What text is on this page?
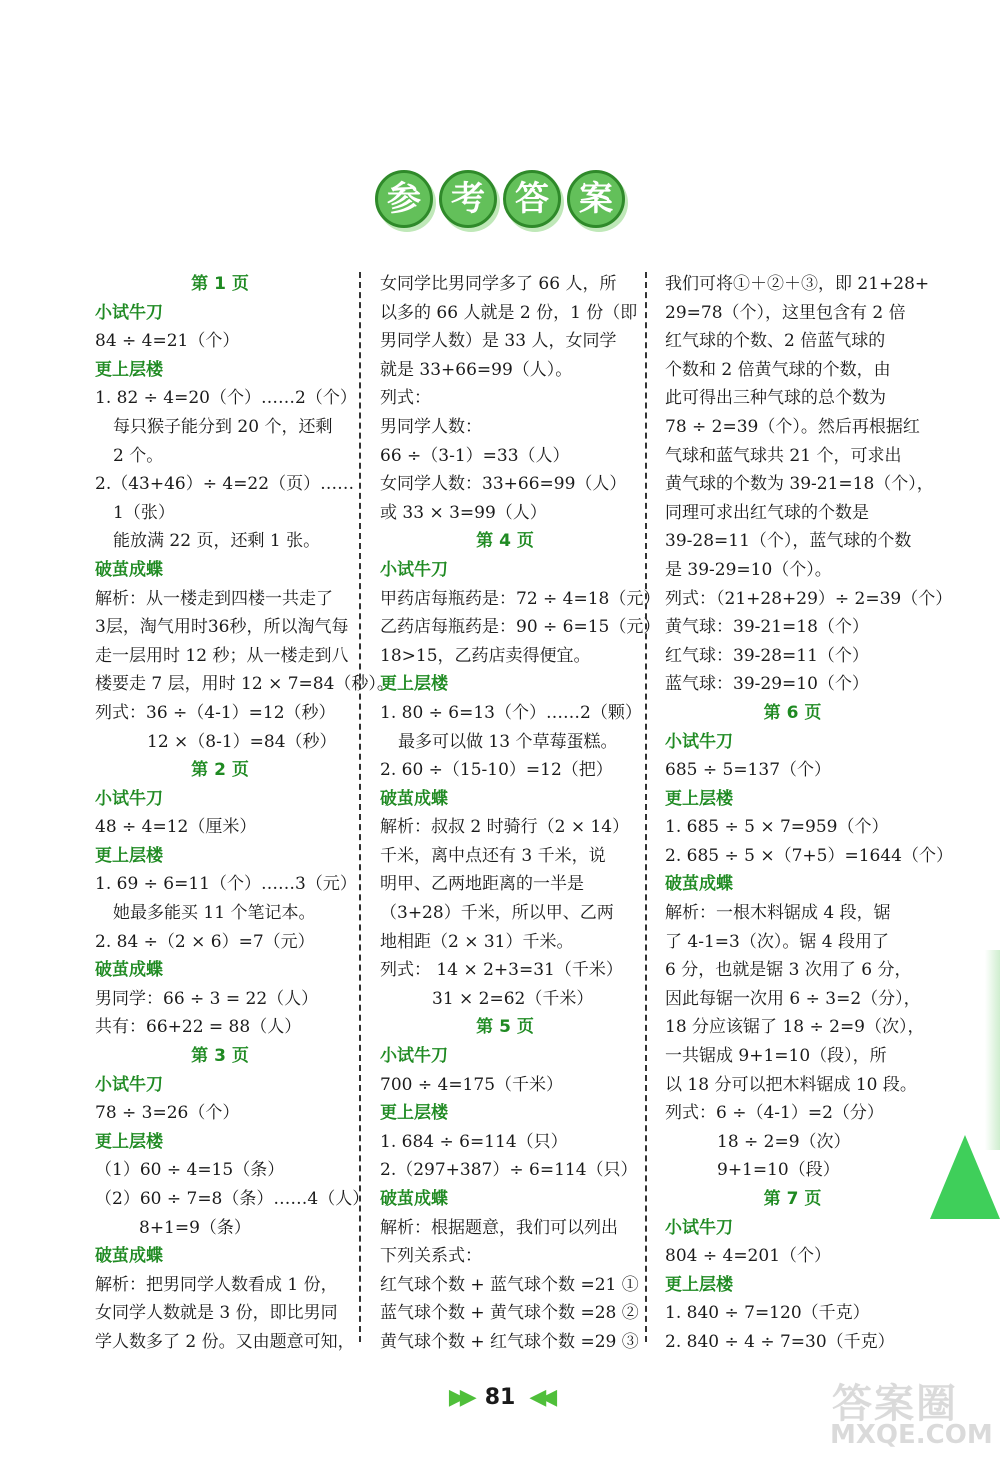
参 考 答 案
第 1 页
小试牛刀
84 ÷ 4=21（个）
更上层楼
1. 82 ÷ 4=20（个）……2（个）
每只猴子能分到 20 个，还剩
2 个。
2.（43+46）÷ 4=22（页）……
1（张）
能放满 22 页，还剩 1 张。
破茧成蝶
解析：从一楼走到四楼一共走了
3层，淘气用时36秒，所以淘气每
走一层用时 12 秒；从一楼走到八
楼要走 7 层，用时 12 × 7=84（秒）。
列式：36 ÷（4-1）=12（秒）
12 ×（8-1）=84（秒）
第 2 页
小试牛刀
48 ÷ 4=12（厘米）
更上层楼
1. 69 ÷ 6=11（个）……3（元）
她最多能买 11 个笔记本。
2. 84 ÷（2 × 6）=7（元）
破茧成蝶
男同学：66 ÷ 3 = 22（人）
共有：66+22 = 88（人）
第 3 页
小试牛刀
78 ÷ 3=26（个）
更上层楼
（1）60 ÷ 4=15（条）
（2）60 ÷ 7=8（条）……4（人）
8+1=9（条）
破茧成蝶
解析：把男同学人数看成 1 份，
女同学人数就是 3 份，即比男同
学人数多了 2 份。又由题意可知，
女同学比男同学多了 66 人，所
以多的 66 人就是 2 份，1 份（即
男同学人数）是 33 人，女同学
就是 33+66=99（人）。
列式：
男同学人数：
66 ÷（3-1）=33（人）
女同学人数：33+66=99（人）
或 33 × 3=99（人）
第 4 页
小试牛刀
甲药店每瓶药是：72 ÷ 4=18（元）
乙药店每瓶药是：90 ÷ 6=15（元）
18>15，乙药店卖得便宜。
更上层楼
1. 80 ÷ 6=13（个）……2（颗）
最多可以做 13 个草莓蛋糕。
2. 60 ÷（15-10）=12（把）
破茧成蝶
解析：叔叔 2 时骑行（2 × 14）
千米，离中点还有 3 千米，说
明甲、乙两地距离的一半是
（3+28）千米，所以甲、乙两
地相距（2 × 31）千米。
列式： 14 × 2+3=31（千米）
31 × 2=62（千米）
第 5 页
小试牛刀
700 ÷ 4=175（千米）
更上层楼
1. 684 ÷ 6=114（只）
2.（297+387）÷ 6=114（只）
破茧成蝶
解析：根据题意，我们可以列出
下列关系式：
红气球个数 + 蓝气球个数 =21 ①
蓝气球个数 + 黄气球个数 =28 ②
黄气球个数 + 红气球个数 =29 ③
我们可将①＋②＋③，即 21+28+
29=78（个），这里包含有 2 倍
红气球的个数、2 倍蓝气球的
个数和 2 倍黄气球的个数，由
此可得出三种气球的总个数为
78 ÷ 2=39（个）。然后再根据红
气球和蓝气球共 21 个，可求出
黄气球的个数为 39-21=18（个），
同理可求出红气球的个数是
39-28=11（个），蓝气球的个数
是 39-29=10（个）。
列式：（21+28+29）÷ 2=39（个）
黄气球：39-21=18（个）
红气球：39-28=11（个）
蓝气球：39-29=10（个）
第 6 页
小试牛刀
685 ÷ 5=137（个）
更上层楼
1. 685 ÷ 5 × 7=959（个）
2. 685 ÷ 5 ×（7+5）=1644（个）
破茧成蝶
解析：一根木料锯成 4 段，锯
了 4-1=3（次）。锯 4 段用了
6 分，也就是锯 3 次用了 6 分，
因此每锯一次用 6 ÷ 3=2（分），
18 分应该锯了 18 ÷ 2=9（次），
一共锯成 9+1=10（段），所
以 18 分可以把木料锯成 10 段。
列式：6 ÷（4-1）=2（分）
18 ÷ 2=9（次）
9+1=10（段）
第 7 页
小试牛刀
804 ÷ 4=201（个）
更上层楼
1. 840 ÷ 7=120（千克）
2. 840 ÷ 4 ÷ 7=30（千克）
▶▶ 81 ◀◀	答案圈
MXQE.COM
